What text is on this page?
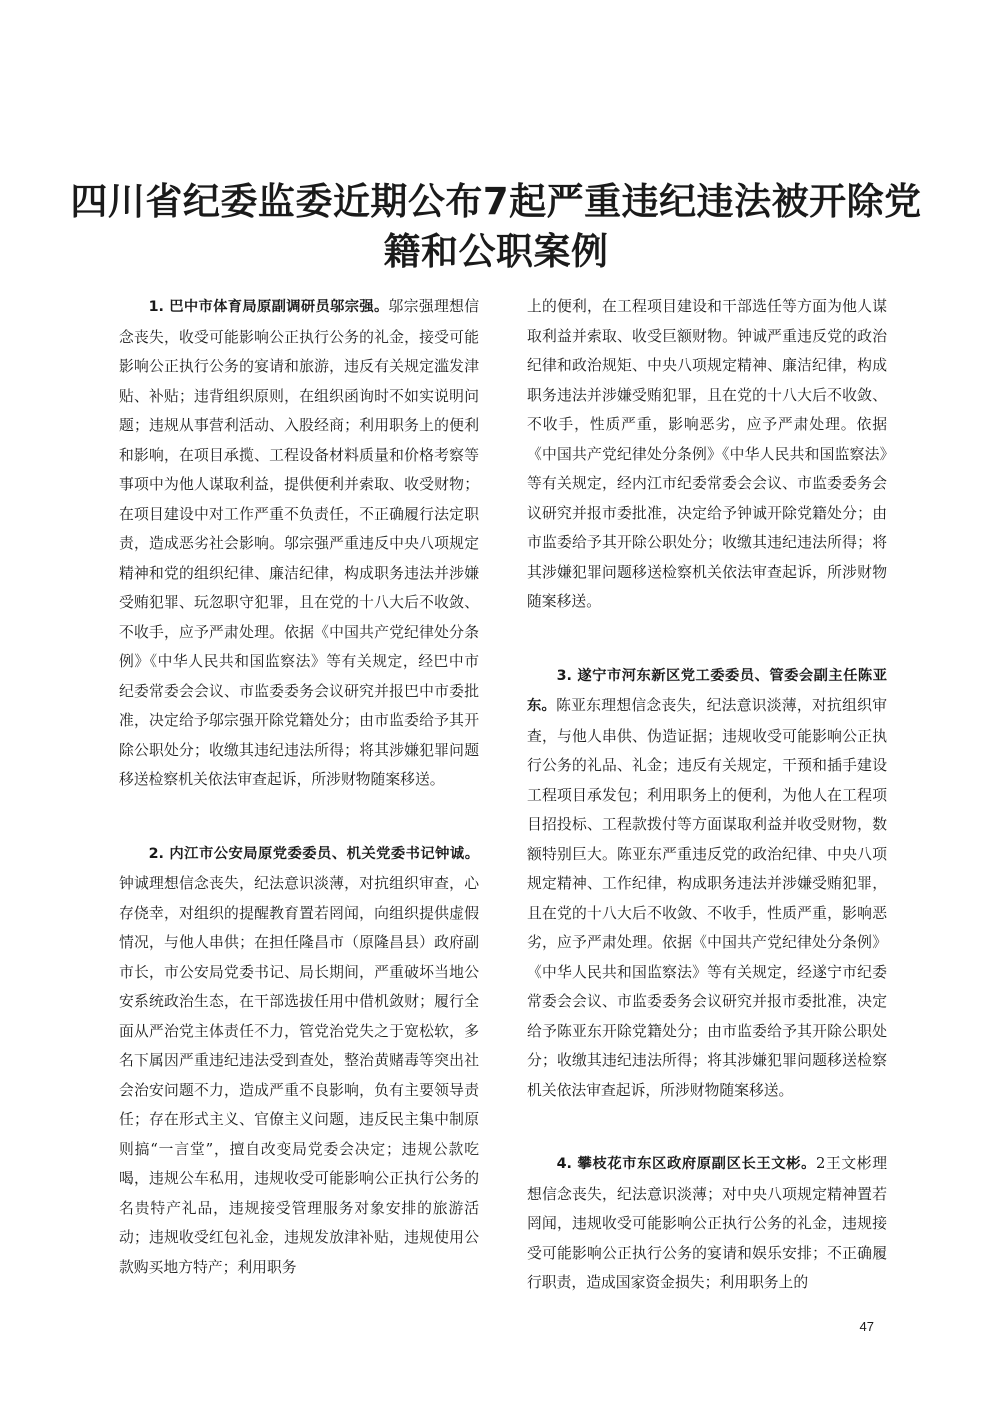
四川省纪委监委近期公布7起严重违纪违法被开除党籍和公职案例

1. 巴中市体育局原副调研员邬宗强。邬宗强理想信念丧失，收受可能影响公正执行公务的礼金，接受可能影响公正执行公务的宴请和旅游，违反有关规定滥发津贴、补贴；违背组织原则，在组织函询时不如实说明问题；违规从事营利活动、入股经商；利用职务上的便利和影响，在项目承揽、工程设备材料质量和价格考察等事项中为他人谋取利益，提供便利并索取、收受财物；在项目建设中对工作严重不负责任，不正确履行法定职责，造成恶劣社会影响。邬宗强严重违反中央八项规定精神和党的组织纪律、廉洁纪律，构成职务违法并涉嫌受贿犯罪、玩忽职守犯罪，且在党的十八大后不收敛、不收手，应予严肃处理。依据《中国共产党纪律处分条例》《中华人民共和国监察法》等有关规定，经巴中市纪委常委会会议、市监委委务会议研究并报巴中市委批准，决定给予邬宗强开除党籍处分；由市监委给予其开除公职处分；收缴其违纪违法所得；将其涉嫌犯罪问题移送检察机关依法审查起诉，所涉财物随案移送。

2. 内江市公安局原党委委员、机关党委书记钟诚。钟诚理想信念丧失，纪法意识淡薄，对抗组织审查，心存侥幸，对组织的提醒教育置若罔闻，向组织提供虚假情况，与他人串供；在担任隆昌市（原隆昌县）政府副市长，市公安局党委书记、局长期间，严重破坏当地公安系统政治生态，在干部选拔任用中借机敛财；履行全面从严治党主体责任不力，管党治党失之于宽松软，多名下属因严重违纪违法受到查处，整治黄赌毒等突出社会治安问题不力，造成严重不良影响，负有主要领导责任；存在形式主义、官僚主义问题，违反民主集中制原则搞“一言堂”，擅自改变局党委会决定；违规公款吃喝，违规公车私用，违规收受可能影响公正执行公务的名贵特产礼品，违规接受管理服务对象安排的旅游活动；违规收受红包礼金，违规发放津补贴，违规使用公款购买地方特产；利用职务

上的便利，在工程项目建设和干部选任等方面为他人谋取利益并索取、收受巨额财物。钟诚严重违反党的政治纪律和政治规矩、中央八项规定精神、廉洁纪律，构成职务违法并涉嫌受贿犯罪，且在党的十八大后不收敛、不收手，性质严重，影响恶劣，应予严肃处理。依据《中国共产党纪律处分条例》《中华人民共和国监察法》等有关规定，经内江市纪委常委会会议、市监委委务会议研究并报市委批准，决定给予钟诚开除党籍处分；由市监委给予其开除公职处分；收缴其违纪违法所得；将其涉嫌犯罪问题移送检察机关依法审查起诉，所涉财物随案移送。

3. 遂宁市河东新区党工委委员、管委会副主任陈亚东。陈亚东理想信念丧失，纪法意识淡薄，对抗组织审查，与他人串供、伪造证据；违规收受可能影响公正执行公务的礼品、礼金；违反有关规定，干预和插手建设工程项目承发包；利用职务上的便利，为他人在工程项目招投标、工程款拨付等方面谋取利益并收受财物，数额特别巨大。陈亚东严重违反党的政治纪律、中央八项规定精神、工作纪律，构成职务违法并涉嫌受贿犯罪，且在党的十八大后不收敛、不收手，性质严重，影响恶劣，应予严肃处理。依据《中国共产党纪律处分条例》《中华人民共和国监察法》等有关规定，经遂宁市纪委常委会会议、市监委委务会议研究并报市委批准，决定给予陈亚东开除党籍处分；由市监委给予其开除公职处分；收缴其违纪违法所得；将其涉嫌犯罪问题移送检察机关依法审查起诉，所涉财物随案移送。

4. 攀枝花市东区政府原副区长王文彬。2王文彬理想信念丧失，纪法意识淡薄；对中央八项规定精神置若罔闻，违规收受可能影响公正执行公务的礼金，违规接受可能影响公正执行公务的宴请和娱乐安排；不正确履行职责，造成国家资金损失；利用职务上的

47
